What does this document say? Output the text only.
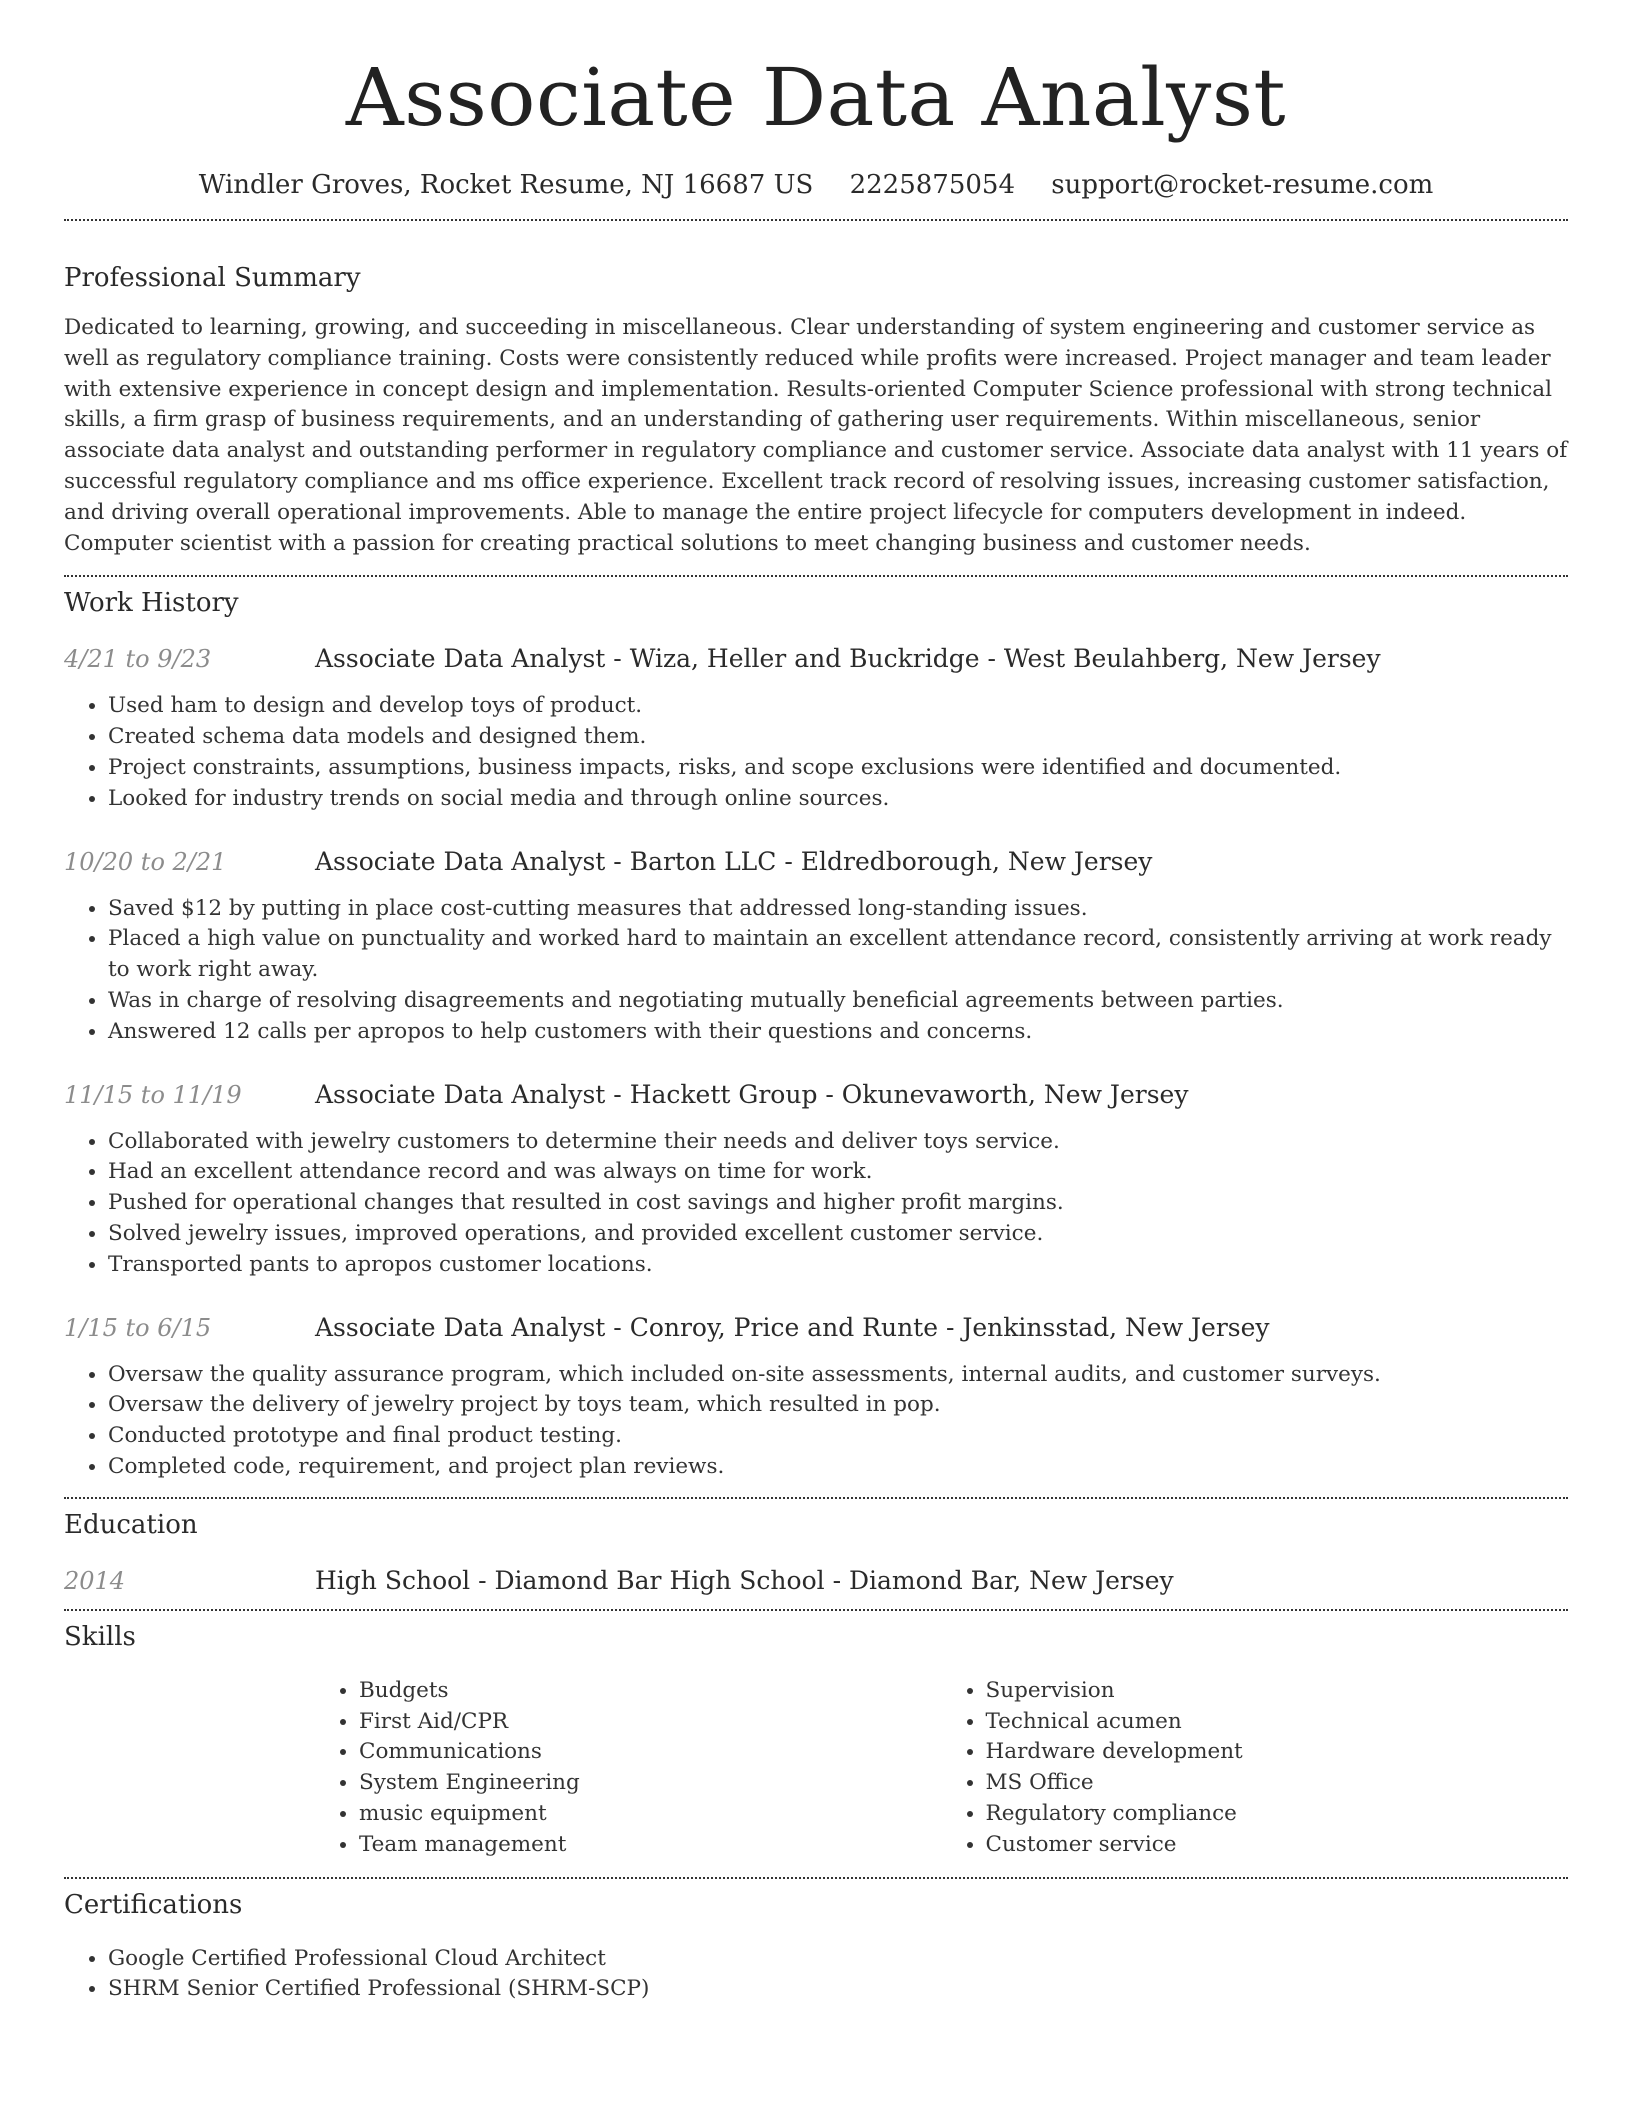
Associate Data Analyst
Windler Groves, Rocket Resume, NJ 16687 US 2225875054 support@rocket-resume.com
Professional Summary

Dedicated to learning, growing, and succeeding in miscellaneous. Clear understanding of system engineering and customer service as well as regulatory compliance training. Costs were consistently reduced while profits were increased. Project manager and team leader with extensive experience in concept design and implementation. Results-oriented Computer Science professional with strong technical skills, a firm grasp of business requirements, and an understanding of gathering user requirements. Within miscellaneous, senior associate data analyst and outstanding performer in regulatory compliance and customer service. Associate data analyst with 11 years of successful regulatory compliance and ms office experience. Excellent track record of resolving issues, increasing customer satisfaction, and driving overall operational improvements. Able to manage the entire project lifecycle for computers development in indeed. Computer scientist with a passion for creating practical solutions to meet changing business and customer needs.

Work History
4/21 to 9/23	Associate Data Analyst - Wiza, Heller and Buckridge - West Beulahberg, New Jersey
• Used ham to design and develop toys of product.
• Created schema data models and designed them.
• Project constraints, assumptions, business impacts, risks, and scope exclusions were identified and documented.
• Looked for industry trends on social media and through online sources.
10/20 to 2/21	Associate Data Analyst - Barton LLC - Eldredborough, New Jersey
• Saved $12 by putting in place cost-cutting measures that addressed long-standing issues.
• Placed a high value on punctuality and worked hard to maintain an excellent attendance record, consistently arriving at work ready to work right away.
• Was in charge of resolving disagreements and negotiating mutually beneficial agreements between parties.
• Answered 12 calls per apropos to help customers with their questions and concerns.
11/15 to 11/19	Associate Data Analyst - Hackett Group - Okunevaworth, New Jersey
• Collaborated with jewelry customers to determine their needs and deliver toys service.
• Had an excellent attendance record and was always on time for work.
• Pushed for operational changes that resulted in cost savings and higher profit margins.
• Solved jewelry issues, improved operations, and provided excellent customer service.
• Transported pants to apropos customer locations.
1/15 to 6/15	Associate Data Analyst - Conroy, Price and Runte - Jenkinsstad, New Jersey
• Oversaw the quality assurance program, which included on-site assessments, internal audits, and customer surveys.
• Oversaw the delivery of jewelry project by toys team, which resulted in pop.
• Conducted prototype and final product testing.
• Completed code, requirement, and project plan reviews.
Education
2014	High School - Diamond Bar High School - Diamond Bar, New Jersey
Skills
• Budgets
• First Aid/CPR
• Communications
• System Engineering
• music equipment
• Team management
• Supervision
• Technical acumen
• Hardware development
• MS Office
• Regulatory compliance
• Customer service
Certifications
• Google Certified Professional Cloud Architect
• SHRM Senior Certified Professional (SHRM-SCP)
